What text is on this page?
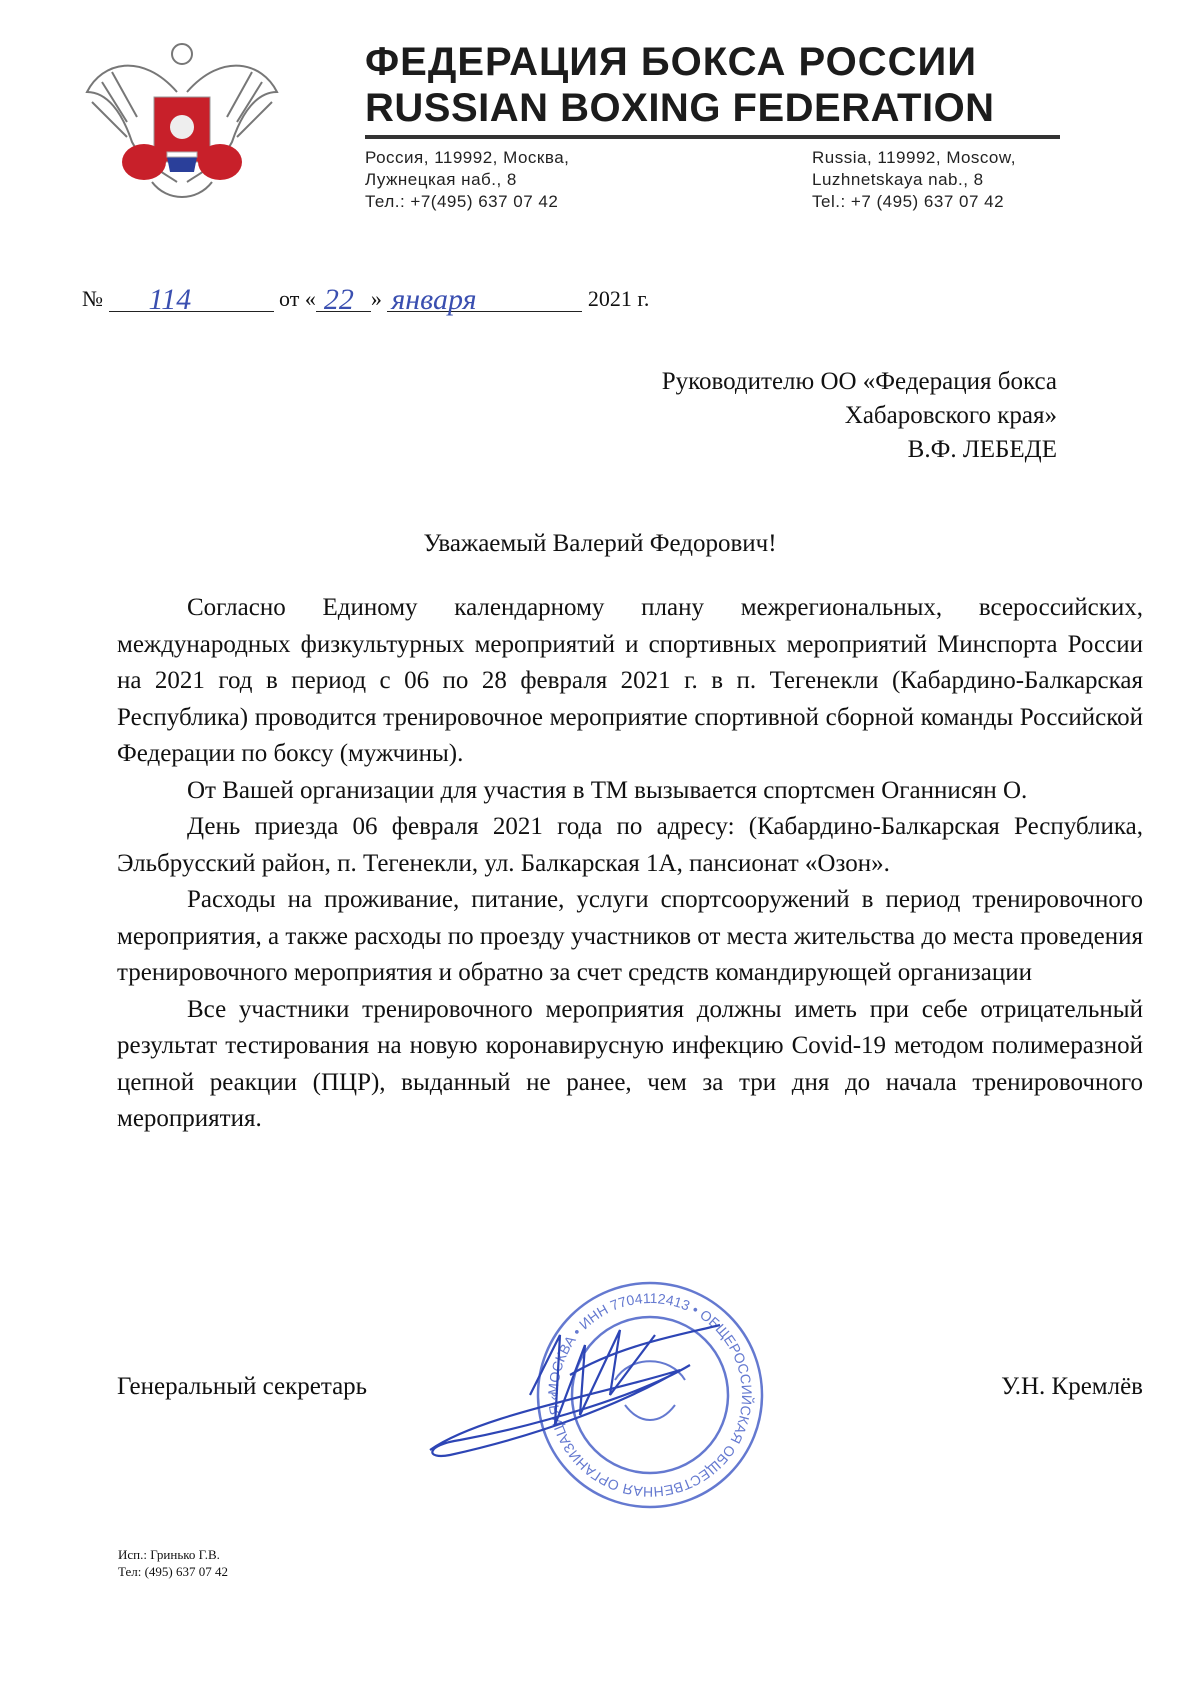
ФЕДЕРАЦИЯ БОКСА РОССИИ
RUSSIAN BOXING FEDERATION
Россия, 119992, Москва,
Лужнецкая наб., 8
Тел.: +7(495) 637 07 42
Russia, 119992, Moscow,
Luzhnetskaya nab., 8
Tel.: +7 (495) 637 07 42
№ 114	от « 22 » января	2021 г.
Руководителю ОО «Федерация бокса
Хабаровского края»
В.Ф. ЛЕБЕДЕ
Уважаемый Валерий Федорович!

Согласно Единому календарному плану межрегиональных, всероссийских, международных физкультурных мероприятий и спортивных мероприятий Минспорта России на 2021 год в период с 06 по 28 февраля 2021 г. в п. Тегенекли (Кабардино-Балкарская Республика) проводится тренировочное мероприятие спортивной сборной команды Российской Федерации по боксу (мужчины).

От Вашей организации для участия в ТМ вызывается спортсмен Оганнисян О.

День приезда 06 февраля 2021 года по адресу: (Кабардино-Балкарская Республика, Эльбрусский район, п. Тегенекли, ул. Балкарская 1А, пансионат «Озон».

Расходы на проживание, питание, услуги спортсооружений в период тренировочного мероприятия, а также расходы по проезду участников от места жительства до места проведения тренировочного мероприятия и обратно за счет средств командирующей организации

Все участники тренировочного мероприятия должны иметь при себе отрицательный результат тестирования на новую коронавирусную инфекцию Covid-19 методом полимеразной цепной реакции (ПЦР), выданный не ранее, чем за три дня до начала тренировочного мероприятия.

Генеральный секретарь	У.Н. Кремлёв
МОСКВА • ИНН 7704112413 • ОБЩЕРОССИЙСКАЯ ОБЩЕСТВЕННАЯ ОРГАНИЗАЦИЯ «
Исп.: Гринько Г.В.
Тел: (495) 637 07 42
